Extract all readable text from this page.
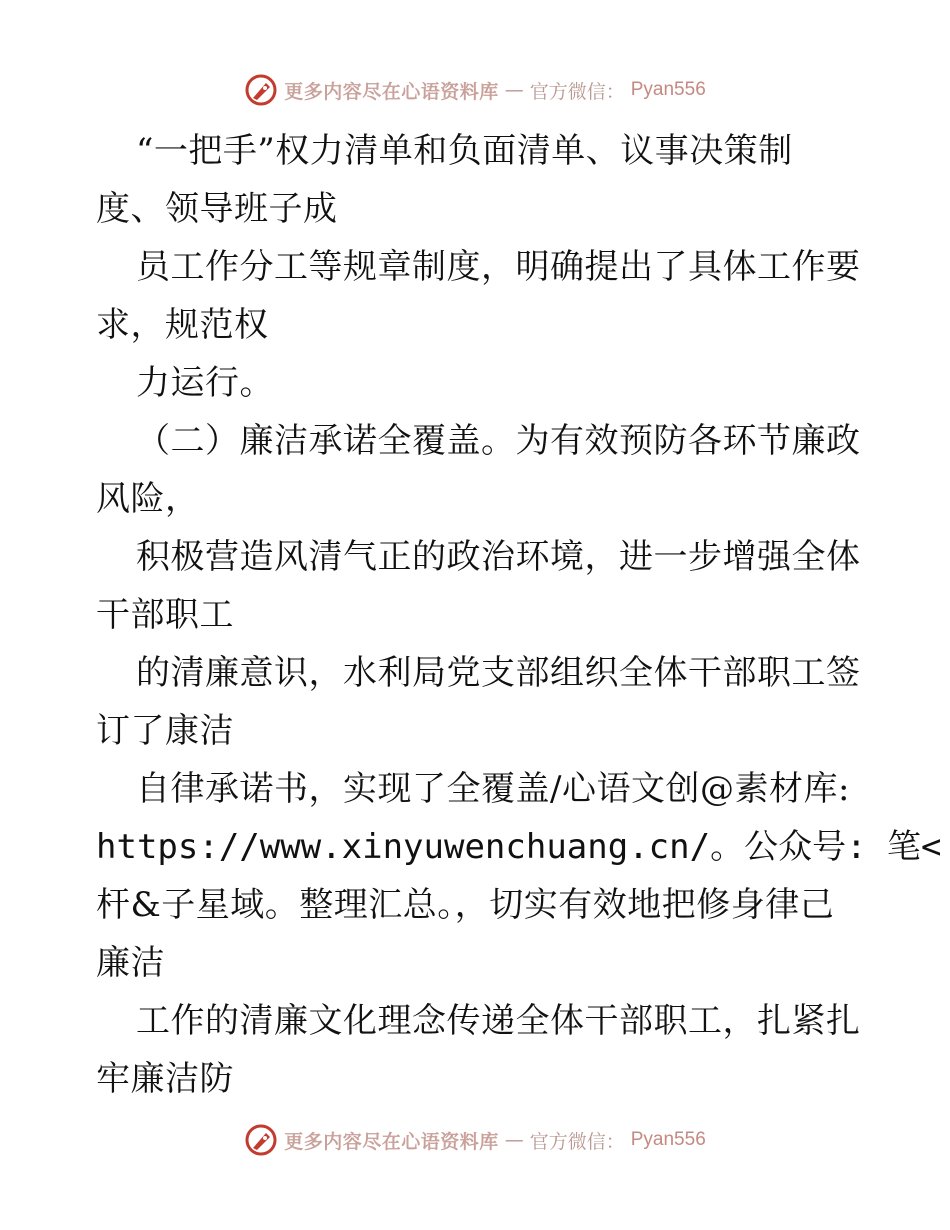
更多内容尽在心语资料库 — 官方微信： Pyan556
“一把手”权力清单和负面清单、议事决策制
度、领导班子成
员工作分工等规章制度，明确提出了具体工作要
求，规范权
力运行。
（二）廉洁承诺全覆盖。为有效预防各环节廉政
风险，
积极营造风清气正的政治环境，进一步增强全体
干部职工
的清廉意识，水利局党支部组织全体干部职工签
订了康洁
自律承诺书，实现了全覆盖/心语文创@素材库:
https://www.xinyuwenchuang.cn/。公众号: 笔<
杆&子星域。整理汇总。，切实有效地把修身律己
廉洁
工作的清廉文化理念传递全体干部职工，扎紧扎
牢廉洁防
更多内容尽在心语资料库 — 官方微信： Pyan556
